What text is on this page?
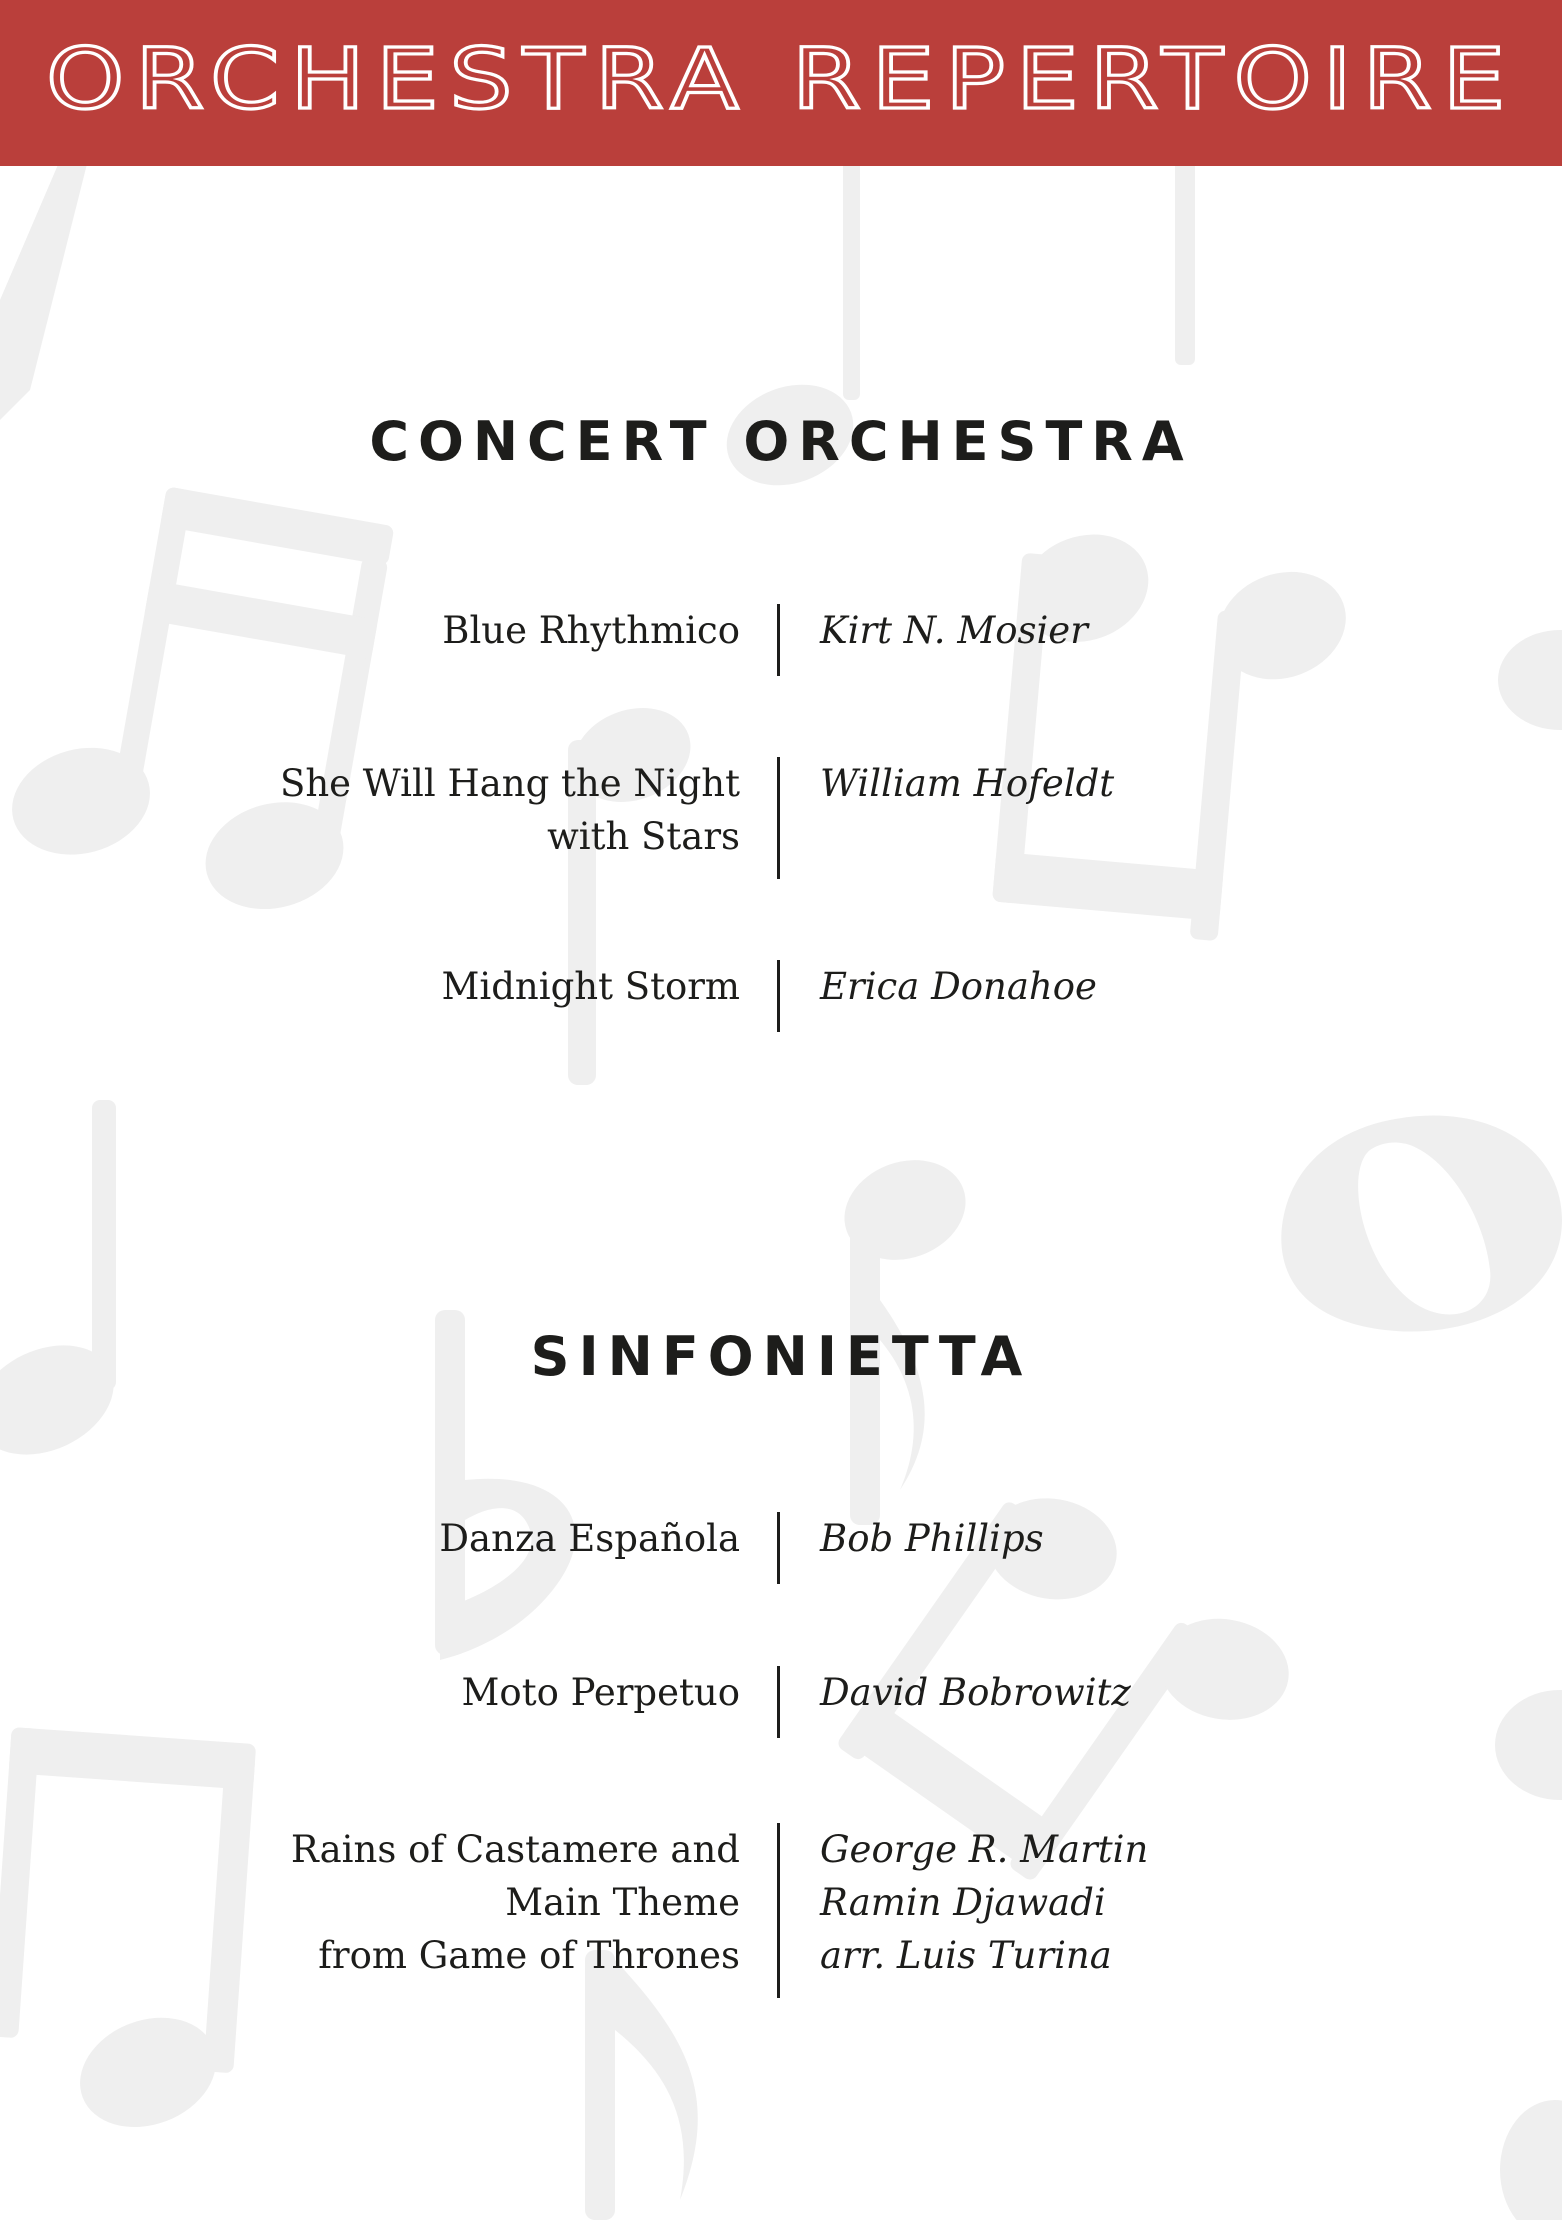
ORCHESTRA REPERTOIRE
CONCERT ORCHESTRA
Blue Rhythmico Kirt N. Mosier
She Will Hang the Night
with Stars
William Hofeldt
Midnight Storm Erica Donahoe
SINFONIETTA
Danza Española Bob Phillips
Moto Perpetuo David Bobrowitz
Rains of Castamere and
Main Theme
from Game of Thrones
George R. Martin
Ramin Djawadi
arr. Luis Turina
